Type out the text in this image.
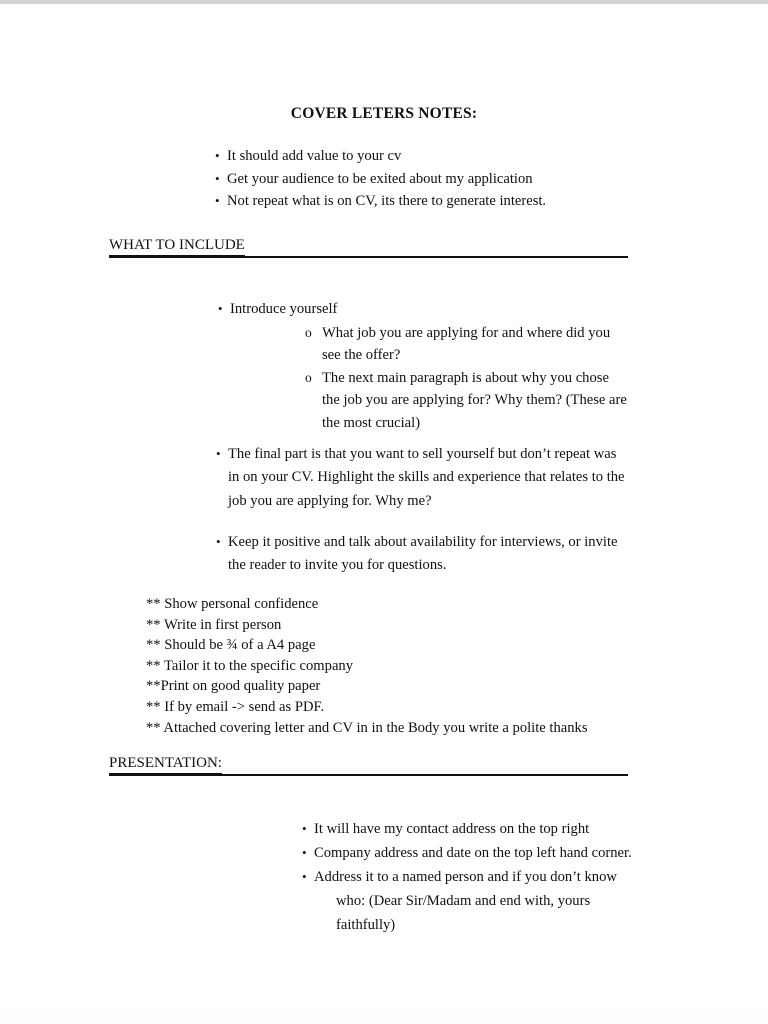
COVER LETERS NOTES:
• It should add value to your cv
• Get your audience to be exited about my application
• Not repeat what is on CV, its there to generate interest.
WHAT TO INCLUDE
• Introduce yourself
o What job you are applying for and where did you see the offer?
o The next main paragraph is about why you chose the job you are applying for? Why them? (These are the most crucial)
• The final part is that you want to sell yourself but don’t repeat was in on your CV. Highlight the skills and experience that relates to the job you are applying for. Why me?
• Keep it positive and talk about availability for interviews, or invite the reader to invite you for questions.
** Show personal confidence
** Write in first person
** Should be ¾ of a A4 page
** Tailor it to the specific company
**Print on good quality paper
** If by email -> send as PDF.
** Attached covering letter and CV in in the Body you write a polite thanks
PRESENTATION:
• It will have my contact address on the top right
• Company address and date on the top left hand corner.
• Address it to a named person and if you don’t know who: (Dear Sir/Madam and end with, yours faithfully)
